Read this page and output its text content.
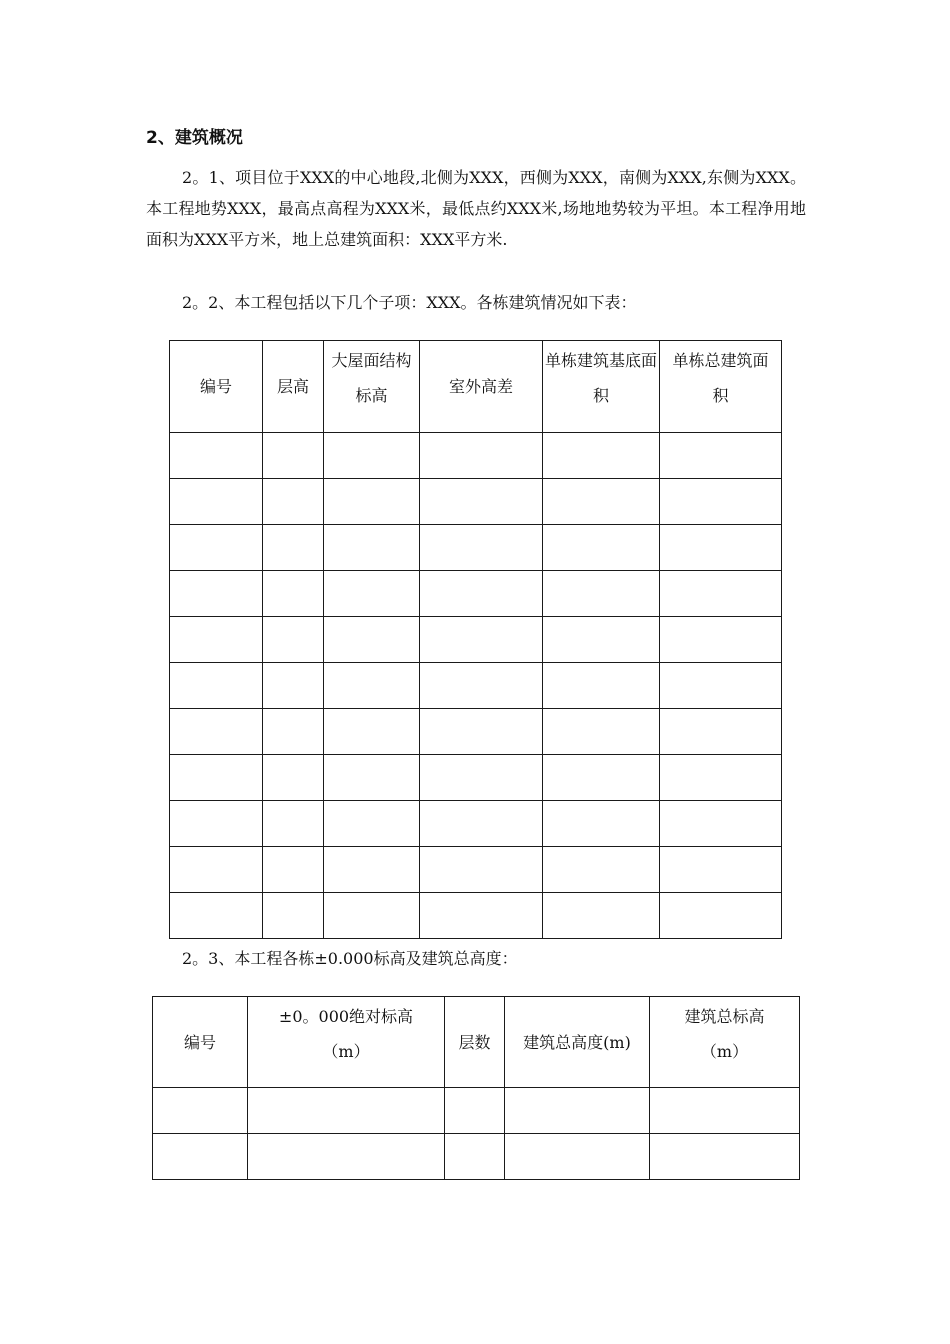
2、建筑概况

2。1、项目位于XXX的中心地段,北侧为XXX，西侧为XXX，南侧为XXX,东侧为XXX。本工程地势XXX，最高点高程为XXX米，最低点约XXX米,场地地势较为平坦。本工程净用地面积为XXX平方米，地上总建筑面积：XXX平方米.

2。2、本工程包括以下几个子项：XXX。各栋建筑情况如下表：

编号	层高	大屋面结构标高	室外高差	单栋建筑基底面积	单栋总建筑面积

2。3、本工程各栋±0.000标高及建筑总高度：
编号	±0。000绝对标高（m）	层数	建筑总高度(m)	建筑总标高（m）
